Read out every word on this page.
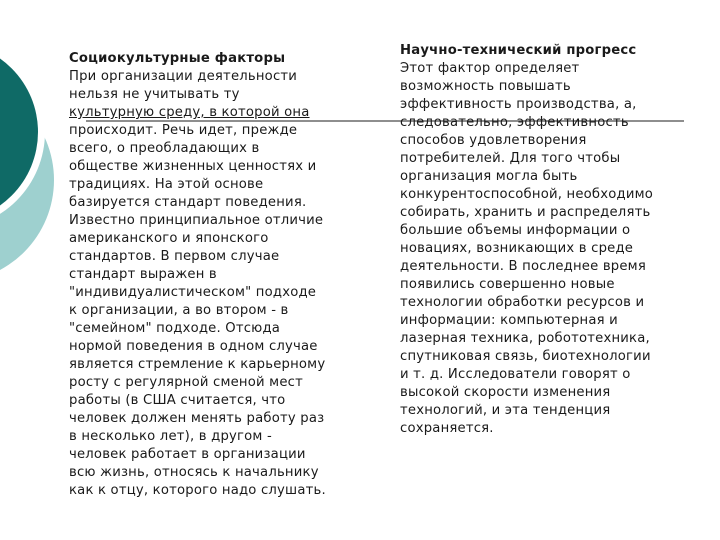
Социокультурные факторы
При организации деятельности
нельзя не учитывать ту
культурную среду, в которой она
происходит. Речь идет, прежде
всего, о преобладающих в
обществе жизненных ценностях и
традициях. На этой основе
базируется стандарт поведения.
Известно принципиальное отличие
американского и японского
стандартов. В первом случае
стандарт выражен в
"индивидуалистическом" подходе
к организации, а во втором - в
"семейном" подходе. Отсюда
нормой поведения в одном случае
является стремление к карьерному
росту с регулярной сменой мест
работы (в США считается, что
человек должен менять работу раз
в несколько лет), в другом -
человек работает в организации
всю жизнь, относясь к начальнику
как к отцу, которого надо слушать.
Научно-технический прогресс
Этот фактор определяет
возможность повышать
эффективность производства, а,
следовательно, эффективность
способов удовлетворения
потребителей. Для того чтобы
организация могла быть
конкурентоспособной, необходимо
собирать, хранить и распределять
большие объемы информации о
новациях, возникающих в среде
деятельности. В последнее время
появились совершенно новые
технологии обработки ресурсов и
информации: компьютерная и
лазерная техника, робототехника,
спутниковая связь, биотехнологии
и т. д. Исследователи говорят о
высокой скорости изменения
технологий, и эта тенденция
сохраняется.
